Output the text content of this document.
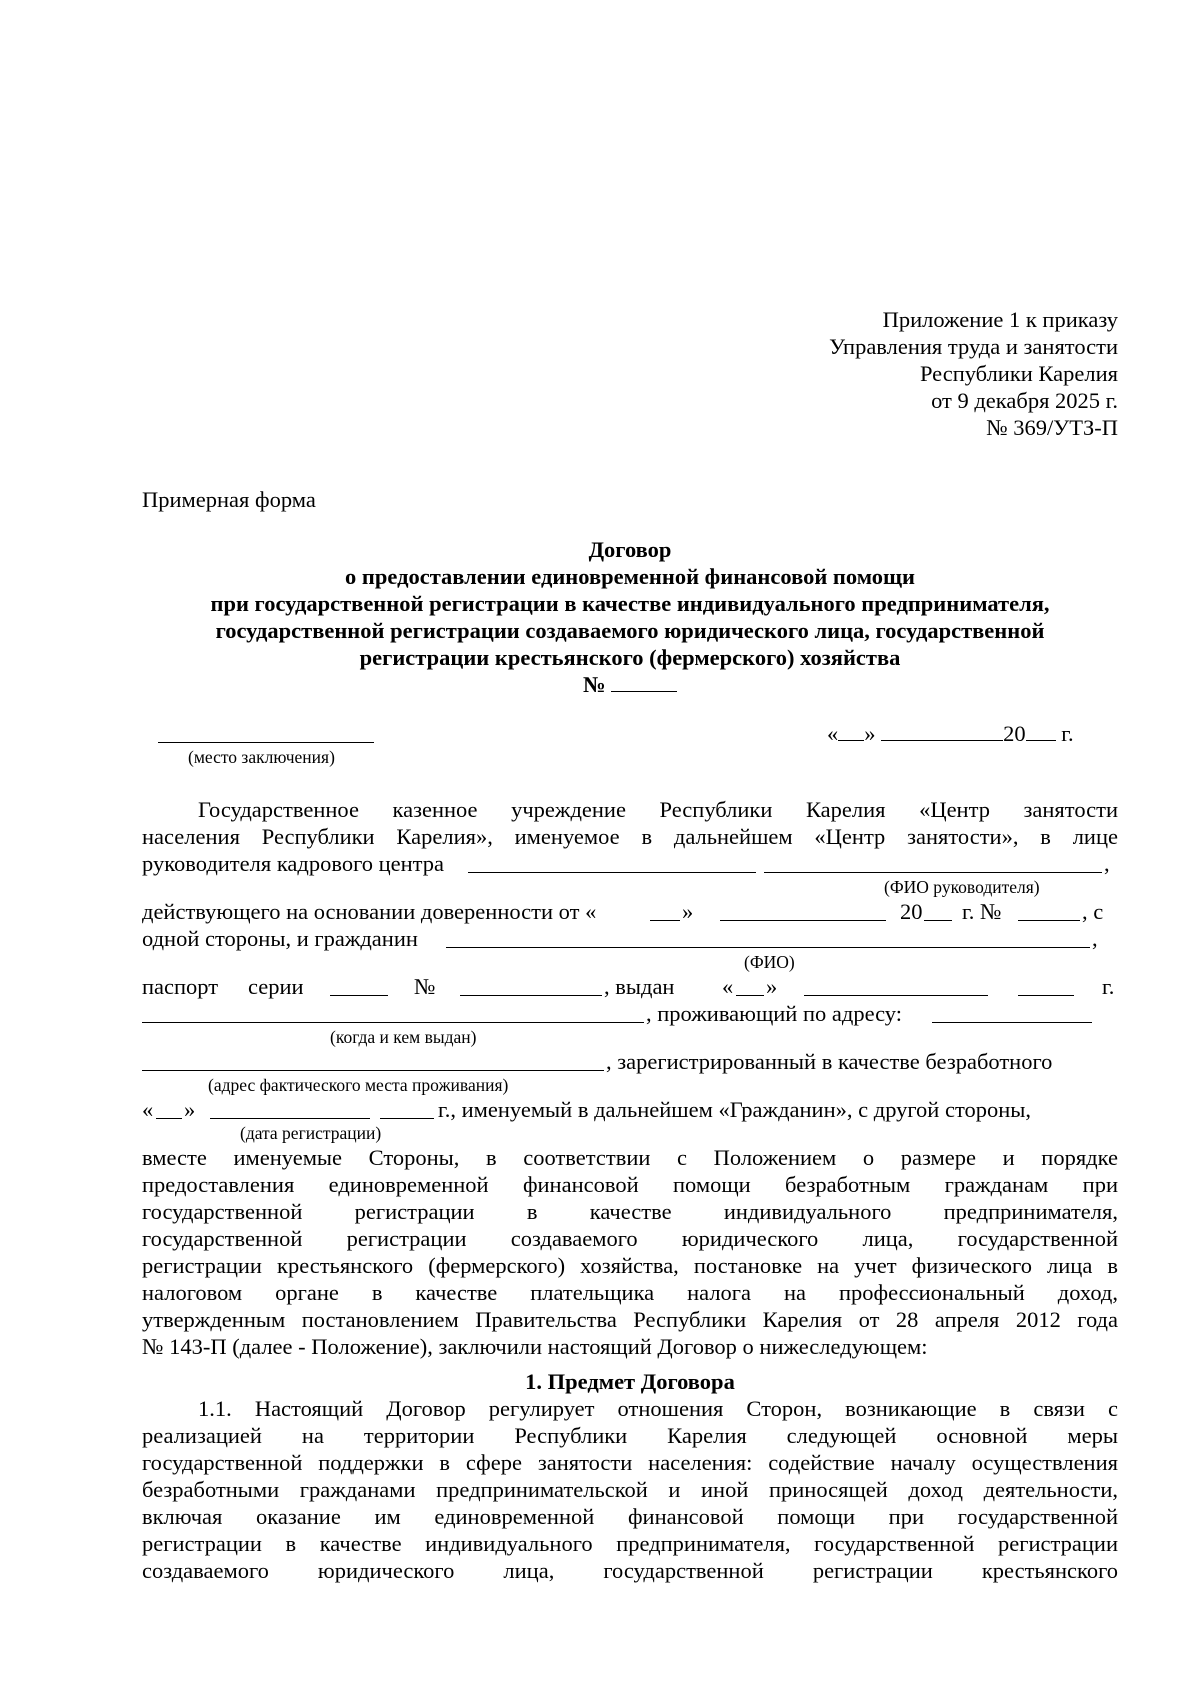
Приложение 1 к приказу
Управления труда и занятости
Республики Карелия
от 9 декабря 2025 г.
№ 369/УТЗ-П
Примерная форма
Договор
о предоставлении единовременной финансовой помощи
при государственной регистрации в качестве индивидуального предпринимателя,
государственной регистрации создаваемого юридического лица, государственной
регистрации крестьянского (фермерского) хозяйства
№
« »	20 г.
(место заключения)
Государственное казенное учреждение Республики Карелия «Центр занятости
населения Республики Карелия», именуемое в дальнейшем «Центр занятости», в лице
руководителя кадрового центра	,
(ФИО руководителя)
действующего на основании доверенности от «	»	20 г. №	, с
одной стороны, и гражданин	,
(ФИО)
паспорт серии	№	, выдан « »	г.
, проживающий по адресу:
(когда и кем выдан)
, зарегистрированный в качестве безработного
(адрес фактического места проживания)
« »	г., именуемый в дальнейшем «Гражданин», с другой стороны,
(дата регистрации)
вместе именуемые Стороны, в соответствии с Положением о размере и порядке
предоставления единовременной финансовой помощи безработным гражданам при
государственной регистрации в качестве индивидуального предпринимателя,
государственной регистрации создаваемого юридического лица, государственной
регистрации крестьянского (фермерского) хозяйства, постановке на учет физического лица в
налоговом органе в качестве плательщика налога на профессиональный доход,
утвержденным постановлением Правительства Республики Карелия от 28 апреля 2012 года
№ 143-П (далее - Положение), заключили настоящий Договор о нижеследующем:
1. Предмет Договора
1.1. Настоящий Договор регулирует отношения Сторон, возникающие в связи с
реализацией на территории Республики Карелия следующей основной меры
государственной поддержки в сфере занятости населения: содействие началу осуществления
безработными гражданами предпринимательской и иной приносящей доход деятельности,
включая оказание им единовременной финансовой помощи при государственной
регистрации в качестве индивидуального предпринимателя, государственной регистрации
создаваемого юридического лица, государственной регистрации крестьянского
